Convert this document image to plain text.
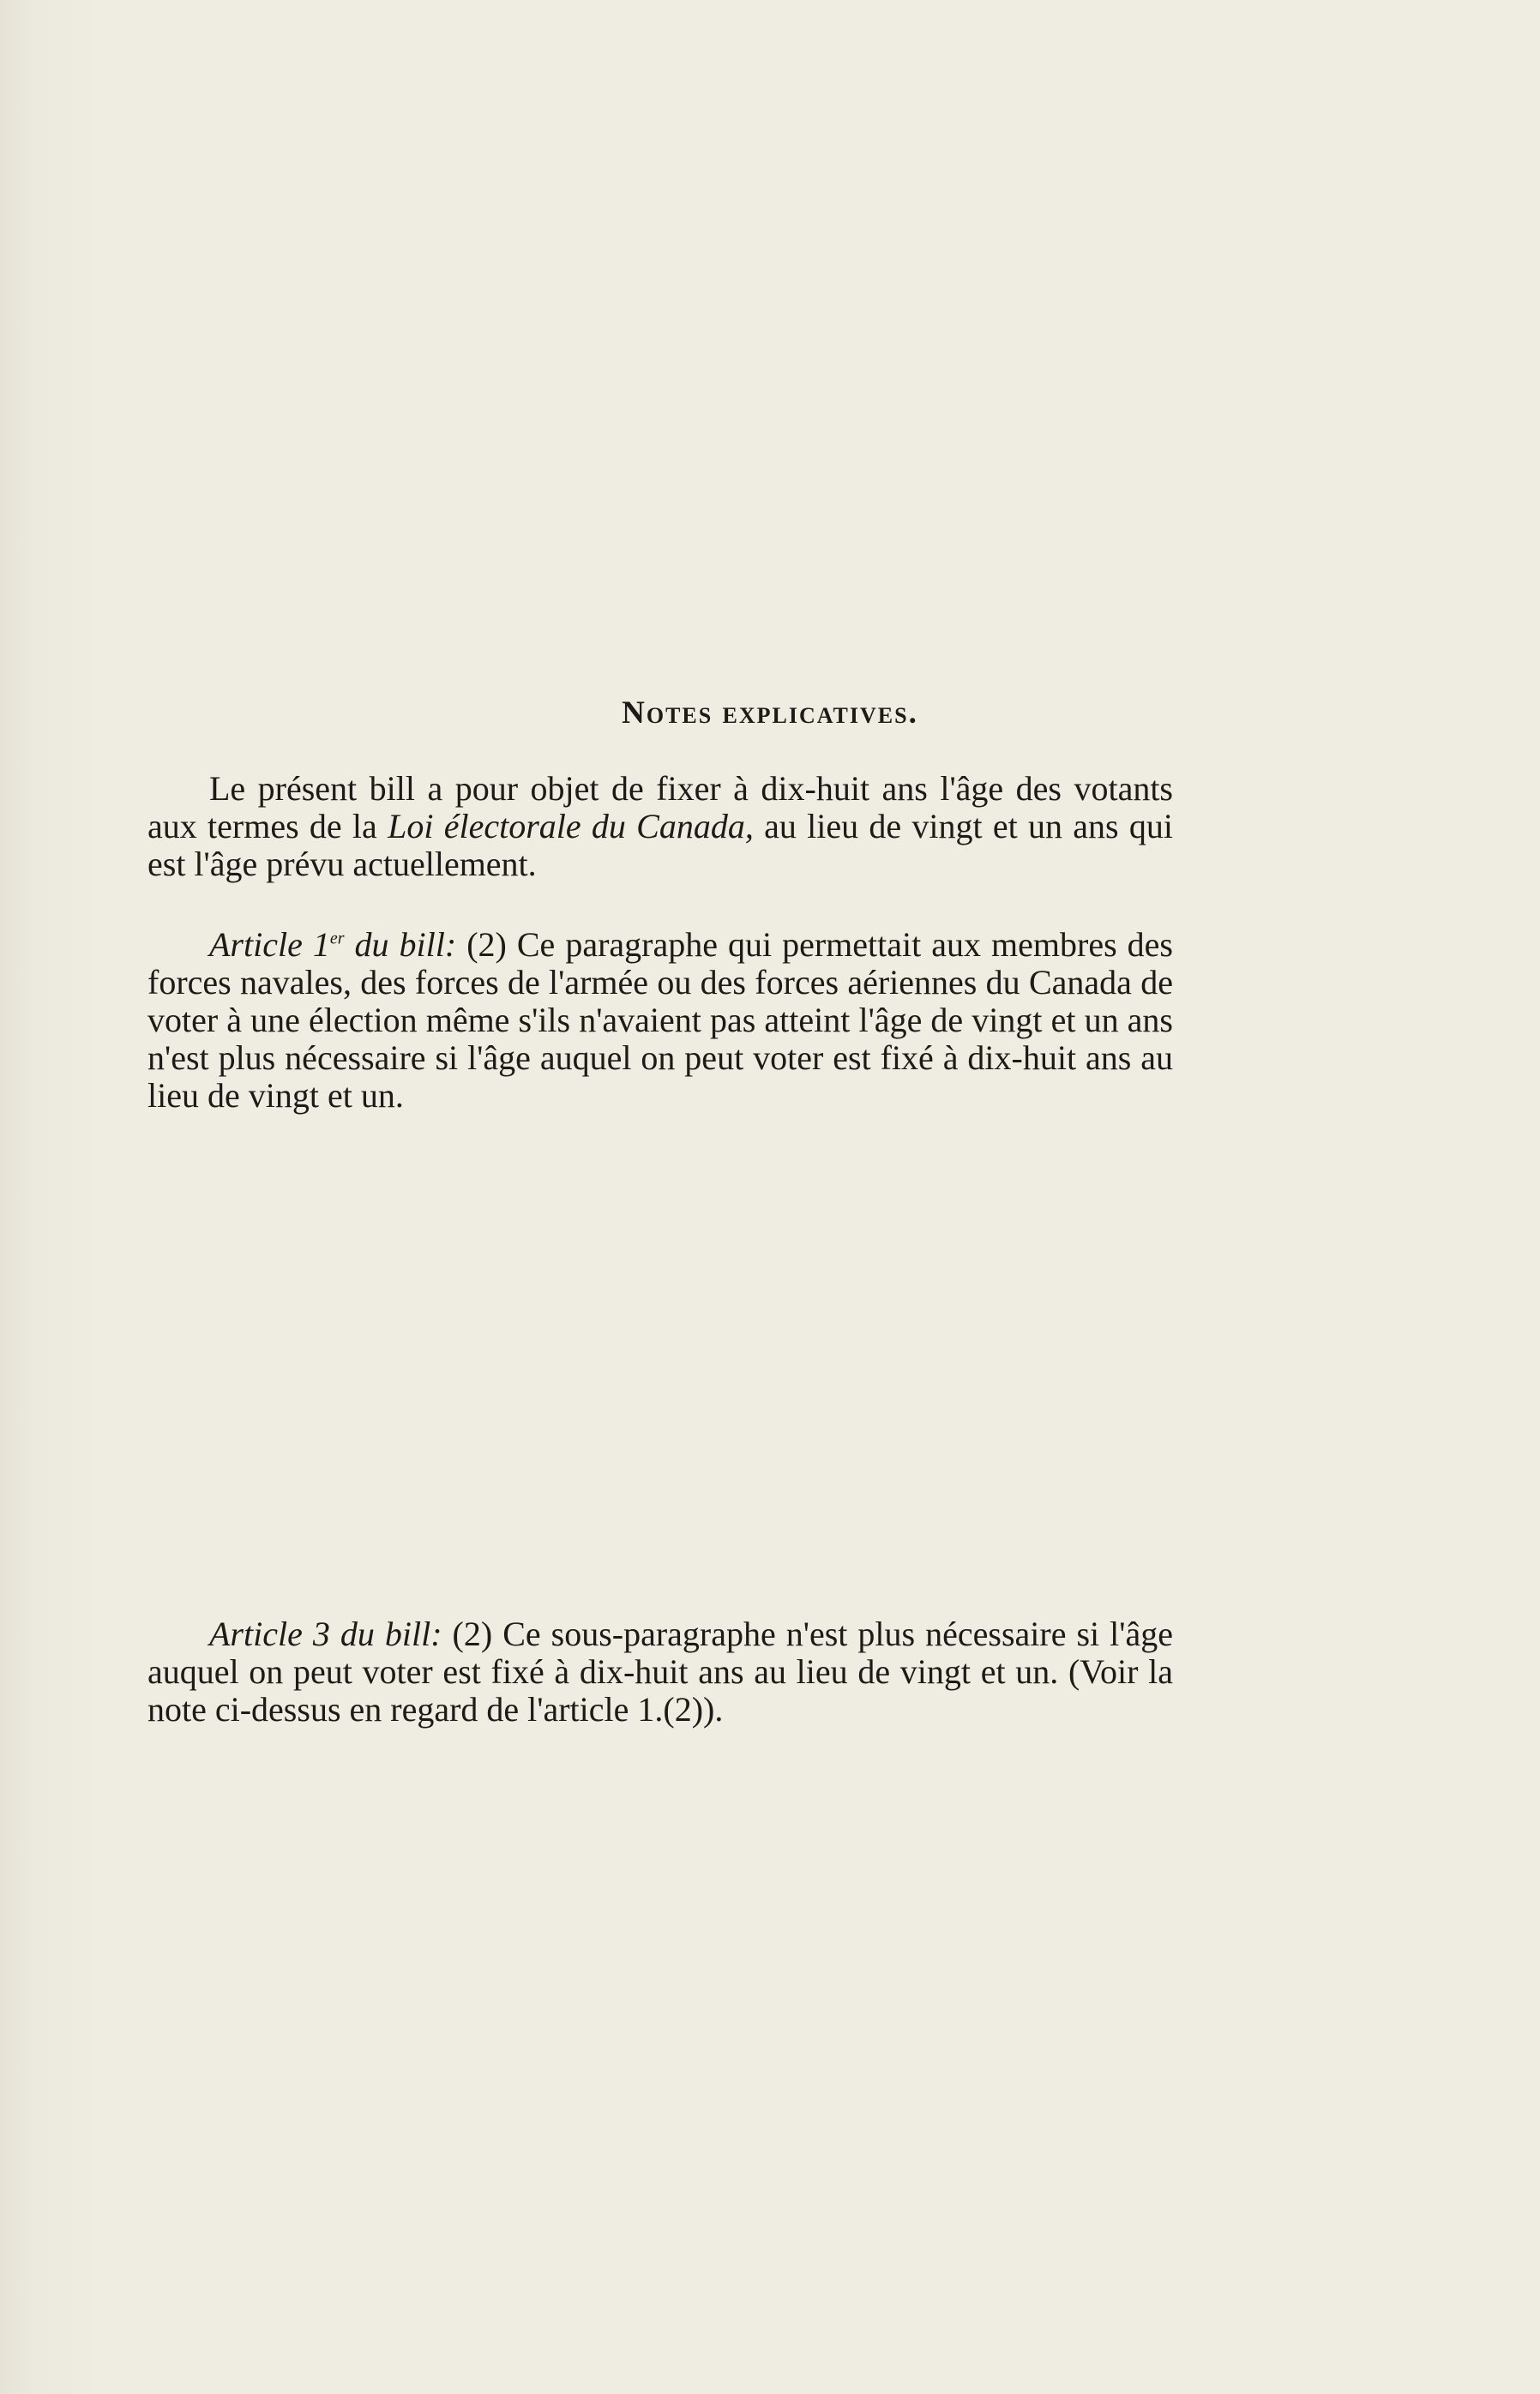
Notes explicatives.

Le présent bill a pour objet de fixer à dix-huit ans l'âge des votants aux termes de la Loi électorale du Canada, au lieu de vingt et un ans qui est l'âge prévu actuellement.

Article 1er du bill: (2) Ce paragraphe qui permettait aux membres des forces navales, des forces de l'armée ou des forces aériennes du Canada de voter à une élection même s'ils n'avaient pas atteint l'âge de vingt et un ans n'est plus nécessaire si l'âge auquel on peut voter est fixé à dix-huit ans au lieu de vingt et un.

Article 3 du bill: (2) Ce sous-paragraphe n'est plus nécessaire si l'âge auquel on peut voter est fixé à dix-huit ans au lieu de vingt et un. (Voir la note ci-dessus en regard de l'article 1.(2)).
